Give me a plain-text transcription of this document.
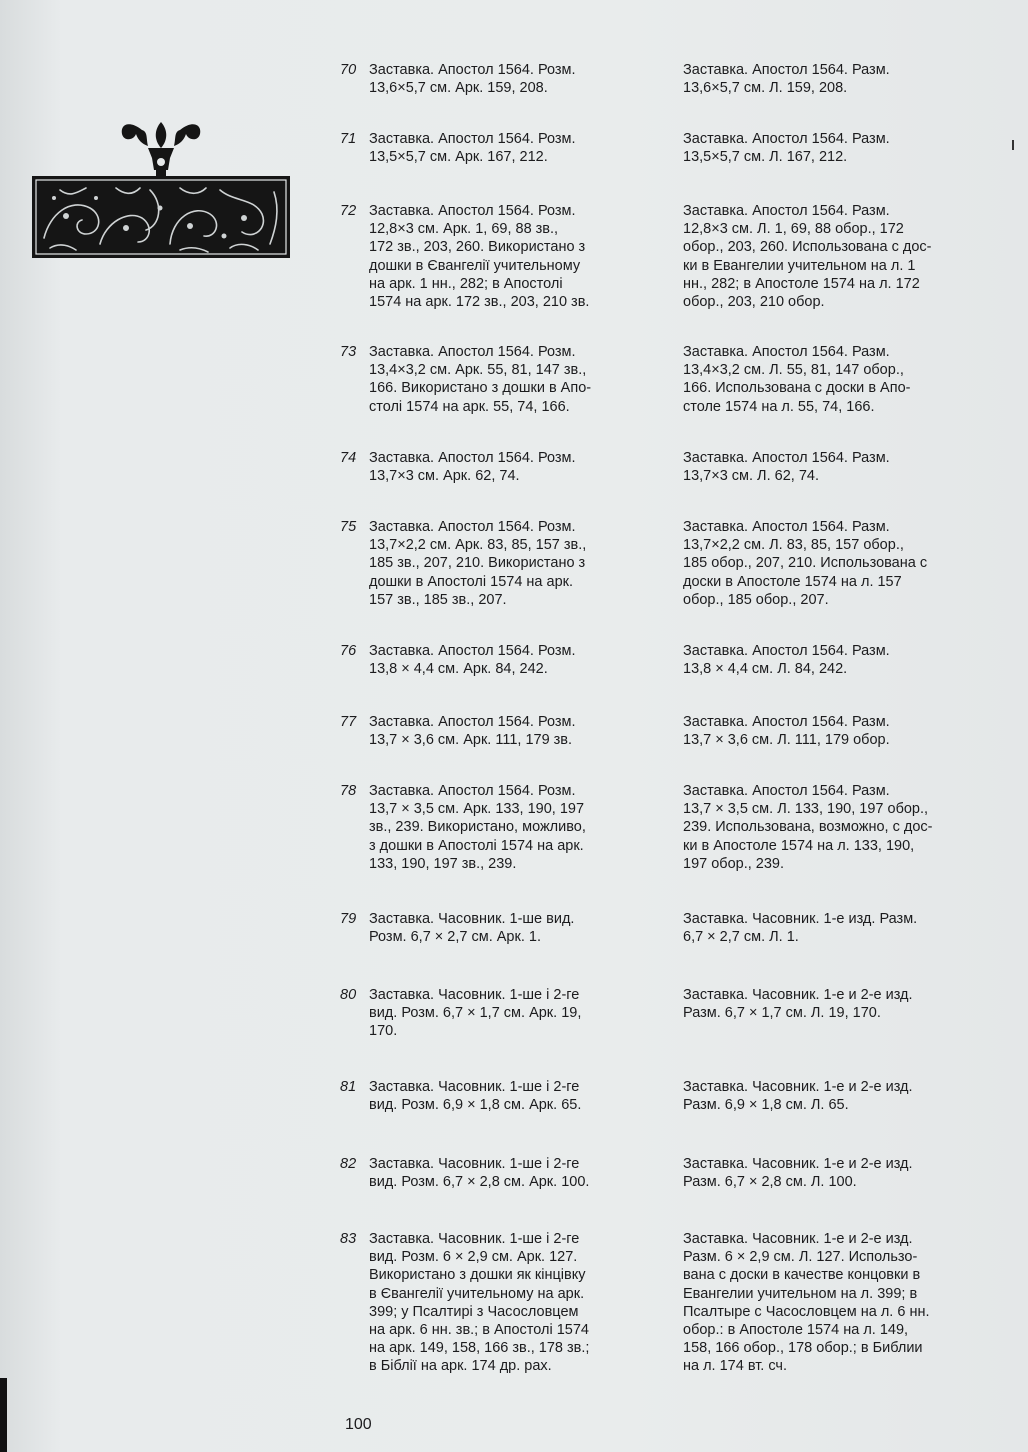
70 Заставка. Апостол 1564. Розм.
13,6×5,7 см. Арк. 159, 208.
Заставка. Апостол 1564. Разм.
13,6×5,7 см. Л. 159, 208.
71 Заставка. Апостол 1564. Розм.
13,5×5,7 см. Арк. 167, 212.
Заставка. Апостол 1564. Разм.
13,5×5,7 см. Л. 167, 212.
72 Заставка. Апостол 1564. Розм.
12,8×3 см. Арк. 1, 69, 88 зв.,
172 зв., 203, 260. Використано з
дошки в Євангелії учительному
на арк. 1 нн., 282; в Апостолі
1574 на арк. 172 зв., 203, 210 зв.
Заставка. Апостол 1564. Разм.
12,8×3 см. Л. 1, 69, 88 обор., 172
обор., 203, 260. Использована с дос-
ки в Евангелии учительном на л. 1
нн., 282; в Апостоле 1574 на л. 172
обор., 203, 210 обор.
73 Заставка. Апостол 1564. Розм.
13,4×3,2 см. Арк. 55, 81, 147 зв.,
166. Використано з дошки в Апо-
столі 1574 на арк. 55, 74, 166.
Заставка. Апостол 1564. Разм.
13,4×3,2 см. Л. 55, 81, 147 обор.,
166. Использована с доски в Апо-
столе 1574 на л. 55, 74, 166.
74 Заставка. Апостол 1564. Розм.
13,7×3 см. Арк. 62, 74.
Заставка. Апостол 1564. Разм.
13,7×3 см. Л. 62, 74.
75 Заставка. Апостол 1564. Розм.
13,7×2,2 см. Арк. 83, 85, 157 зв.,
185 зв., 207, 210. Використано з
дошки в Апостолі 1574 на арк.
157 зв., 185 зв., 207.
Заставка. Апостол 1564. Разм.
13,7×2,2 см. Л. 83, 85, 157 обор.,
185 обор., 207, 210. Использована с
доски в Апостоле 1574 на л. 157
обор., 185 обор., 207.
76 Заставка. Апостол 1564. Розм.
13,8 × 4,4 см. Арк. 84, 242.
Заставка. Апостол 1564. Разм.
13,8 × 4,4 см. Л. 84, 242.
77 Заставка. Апостол 1564. Розм.
13,7 × 3,6 см. Арк. 111, 179 зв.
Заставка. Апостол 1564. Разм.
13,7 × 3,6 см. Л. 111, 179 обор.
78 Заставка. Апостол 1564. Розм.
13,7 × 3,5 см. Арк. 133, 190, 197
зв., 239. Використано, можливо,
з дошки в Апостолі 1574 на арк.
133, 190, 197 зв., 239.
Заставка. Апостол 1564. Разм.
13,7 × 3,5 см. Л. 133, 190, 197 обор.,
239. Использована, возможно, с дос-
ки в Апостоле 1574 на л. 133, 190,
197 обор., 239.
79 Заставка. Часовник. 1-ше вид.
Розм. 6,7 × 2,7 см. Арк. 1.
Заставка. Часовник. 1-е изд. Разм.
6,7 × 2,7 см. Л. 1.
80 Заставка. Часовник. 1-ше і 2-ге
вид. Розм. 6,7 × 1,7 см. Арк. 19,
170.
Заставка. Часовник. 1-е и 2-е изд.
Разм. 6,7 × 1,7 см. Л. 19, 170.
81 Заставка. Часовник. 1-ше і 2-ге
вид. Розм. 6,9 × 1,8 см. Арк. 65.
Заставка. Часовник. 1-е и 2-е изд.
Разм. 6,9 × 1,8 см. Л. 65.
82 Заставка. Часовник. 1-ше і 2-ге
вид. Розм. 6,7 × 2,8 см. Арк. 100.
Заставка. Часовник. 1-е и 2-е изд.
Разм. 6,7 × 2,8 см. Л. 100.
83 Заставка. Часовник. 1-ше і 2-ге
вид. Розм. 6 × 2,9 см. Арк. 127.
Використано з дошки як кінцівку
в Євангелії учительному на арк.
399; у Псалтирі з Часословцем
на арк. 6 нн. зв.; в Апостолі 1574
на арк. 149, 158, 166 зв., 178 зв.;
в Біблії на арк. 174 др. рах.
Заставка. Часовник. 1-е и 2-е изд.
Разм. 6 × 2,9 см. Л. 127. Использо-
вана с доски в качестве концовки в
Евангелии учительном на л. 399; в
Псалтыре с Часословцем на л. 6 нн.
обор.: в Апостоле 1574 на л. 149,
158, 166 обор., 178 обор.; в Библии
на л. 174 вт. сч.
100
